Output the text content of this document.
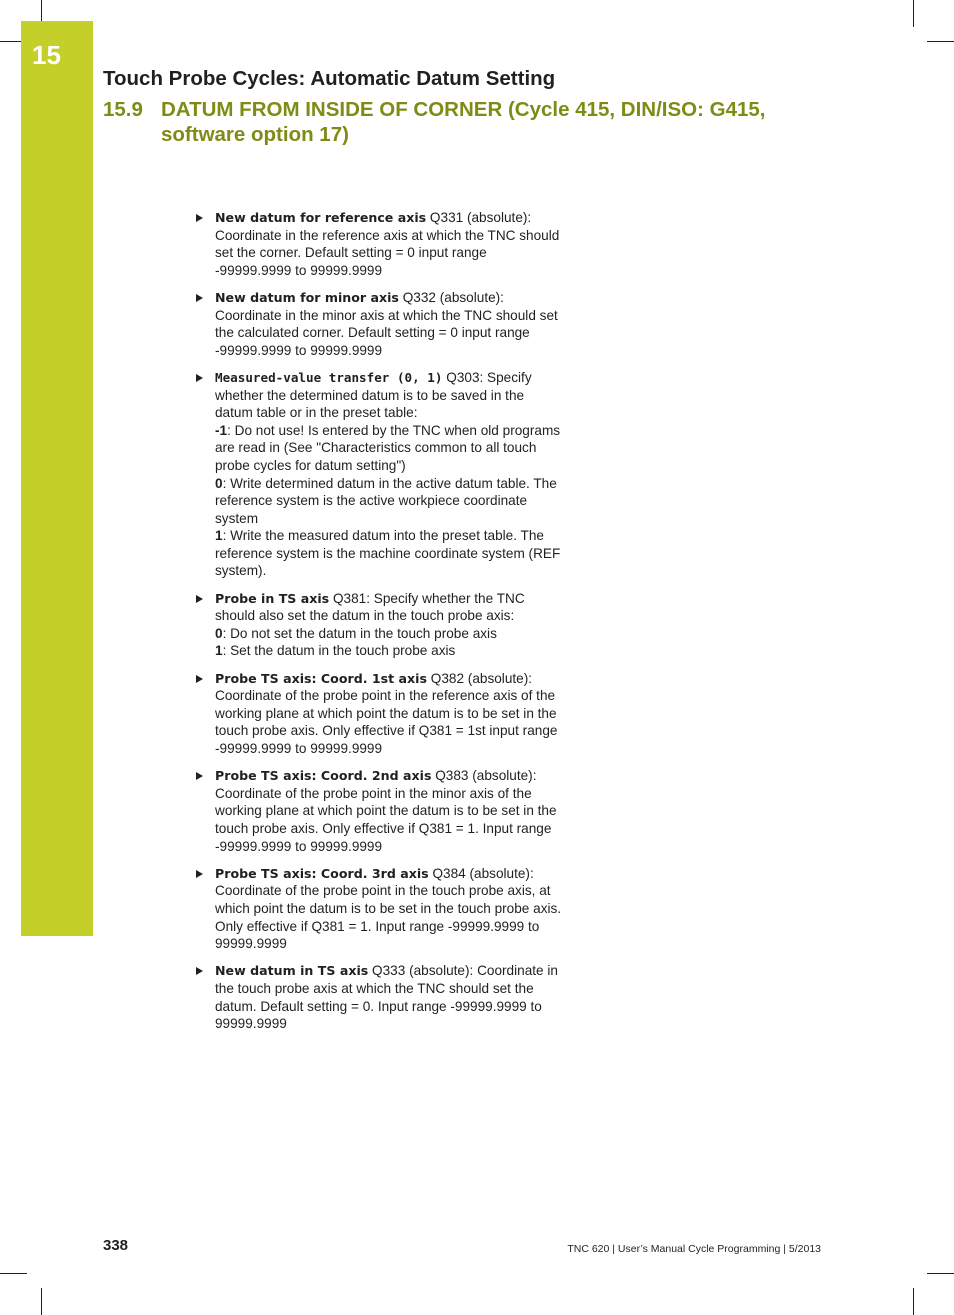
15
Touch Probe Cycles: Automatic Datum Setting
15.9 DATUM FROM INSIDE OF CORNER (Cycle 415, DIN/ISO: G415, software option 17)
New datum for reference axis Q331 (absolute): Coordinate in the reference axis at which the TNC should set the corner. Default setting = 0 input range -99999.9999 to 99999.9999
New datum for minor axis Q332 (absolute): Coordinate in the minor axis at which the TNC should set the calculated corner. Default setting = 0 input range -99999.9999 to 99999.9999
Measured-value transfer (0, 1) Q303: Specify whether the determined datum is to be saved in the datum table or in the preset table:
-1: Do not use! Is entered by the TNC when old programs are read in (See "Characteristics common to all touch probe cycles for datum setting")
0: Write determined datum in the active datum table. The reference system is the active workpiece coordinate system
1: Write the measured datum into the preset table. The reference system is the machine coordinate system (REF system).
Probe in TS axis Q381: Specify whether the TNC should also set the datum in the touch probe axis:
0: Do not set the datum in the touch probe axis
1: Set the datum in the touch probe axis
Probe TS axis: Coord. 1st axis Q382 (absolute): Coordinate of the probe point in the reference axis of the working plane at which point the datum is to be set in the touch probe axis. Only effective if Q381 = 1st input range -99999.9999 to 99999.9999
Probe TS axis: Coord. 2nd axis Q383 (absolute): Coordinate of the probe point in the minor axis of the working plane at which point the datum is to be set in the touch probe axis. Only effective if Q381 = 1. Input range -99999.9999 to 99999.9999
Probe TS axis: Coord. 3rd axis Q384 (absolute): Coordinate of the probe point in the touch probe axis, at which point the datum is to be set in the touch probe axis. Only effective if Q381 = 1. Input range -99999.9999 to 99999.9999
New datum in TS axis Q333 (absolute): Coordinate in the touch probe axis at which the TNC should set the datum. Default setting = 0. Input range -99999.9999 to 99999.9999
338	TNC 620 | User’s Manual Cycle Programming | 5/2013
